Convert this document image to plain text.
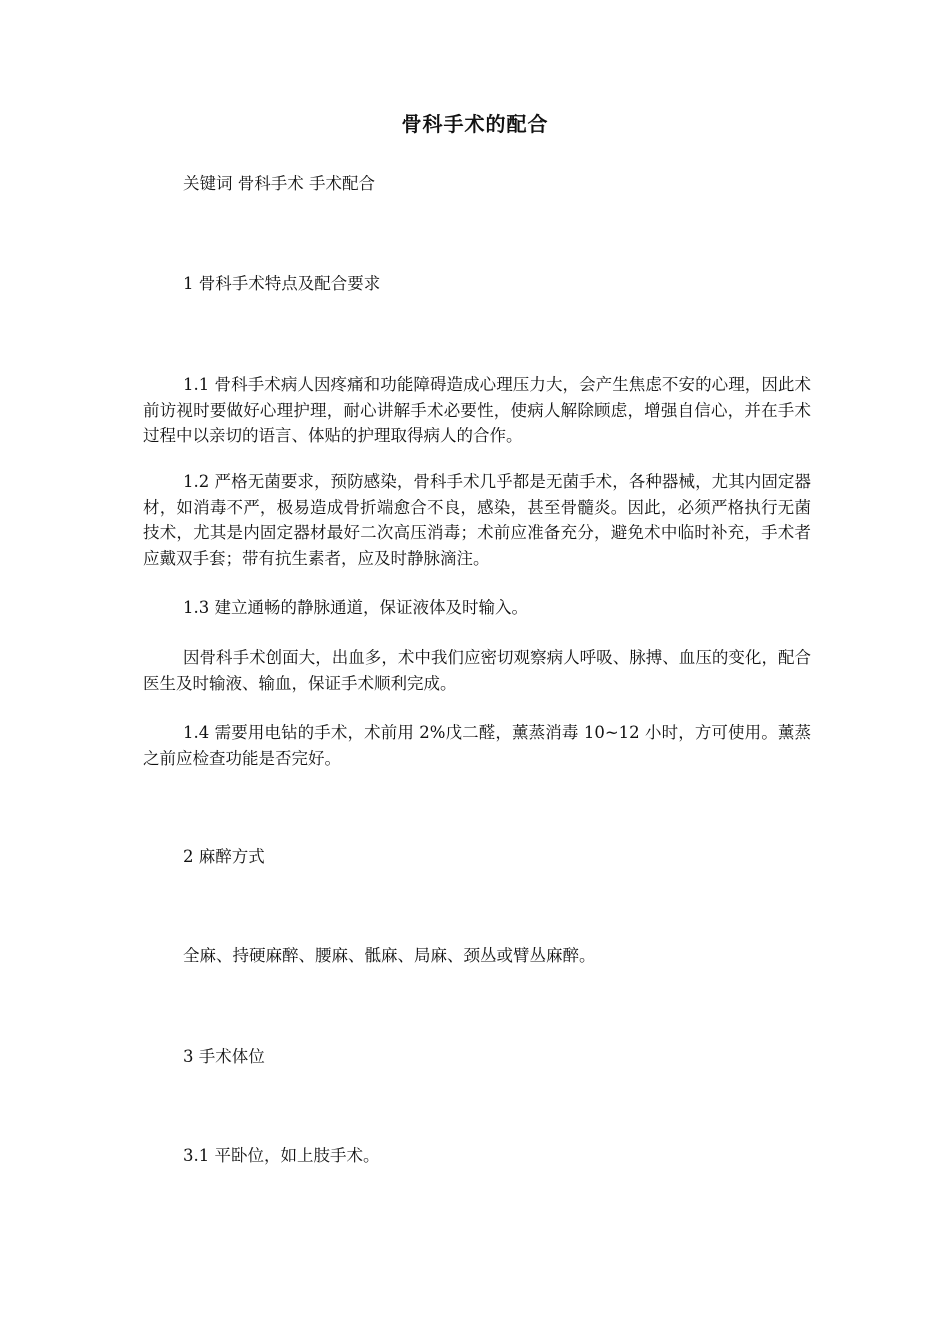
骨科手术的配合
关键词 骨科手术 手术配合
1 骨科手术特点及配合要求
1.1 骨科手术病人因疼痛和功能障碍造成心理压力大，会产生焦虑不安的心理，因此术前访视时要做好心理护理，耐心讲解手术必要性，使病人解除顾虑，增强自信心，并在手术过程中以亲切的语言、体贴的护理取得病人的合作。
1.2 严格无菌要求，预防感染，骨科手术几乎都是无菌手术，各种器械，尤其内固定器材，如消毒不严，极易造成骨折端愈合不良，感染，甚至骨髓炎。因此，必须严格执行无菌技术，尤其是内固定器材最好二次高压消毒；术前应准备充分，避免术中临时补充，手术者应戴双手套；带有抗生素者，应及时静脉滴注。
1.3 建立通畅的静脉通道，保证液体及时输入。
因骨科手术创面大，出血多，术中我们应密切观察病人呼吸、脉搏、血压的变化，配合医生及时输液、输血，保证手术顺利完成。
1.4 需要用电钻的手术，术前用 2%戊二醛，薰蒸消毒 10~12 小时，方可使用。薰蒸之前应检查功能是否完好。
2 麻醉方式
全麻、持硬麻醉、腰麻、骶麻、局麻、颈丛或臂丛麻醉。
3 手术体位
3.1 平卧位，如上肢手术。
